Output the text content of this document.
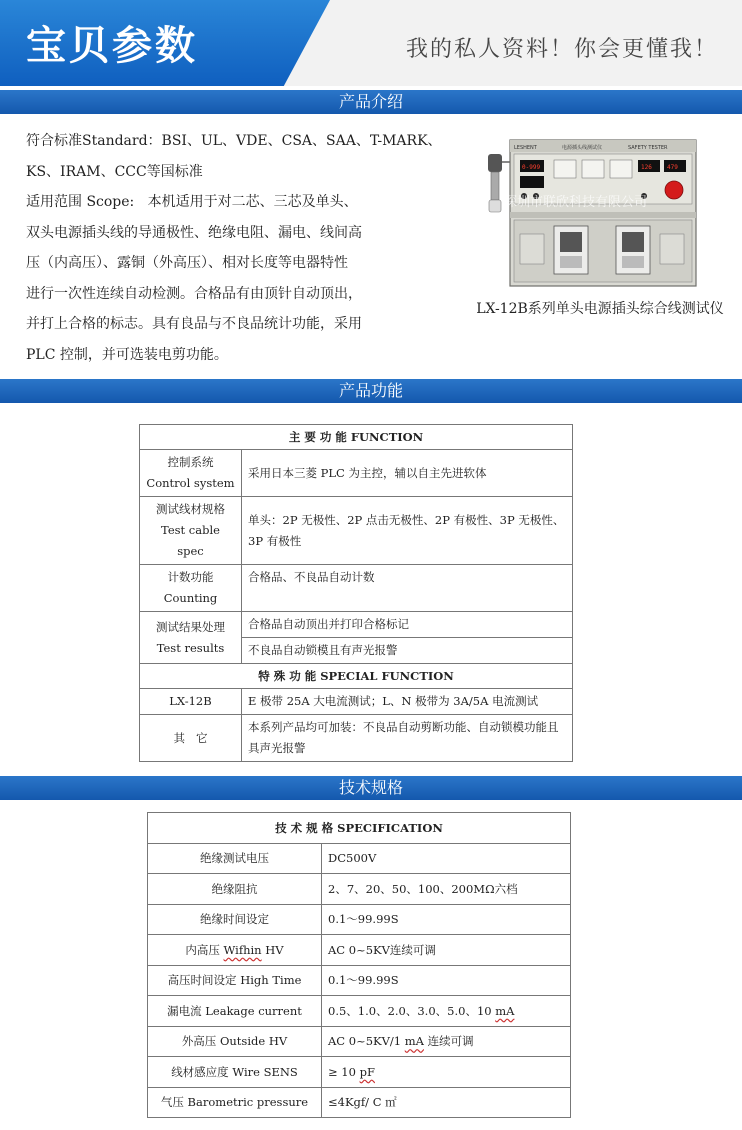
宝贝参数	我的私人资料！你会更懂我！
产品介绍
符合标准Standard：BSI、UL、VDE、CSA、SAA、T-MARK、
KS、IRAM、CCC等国标准
适用范围 Scope:   本机适用于对二芯、三芯及单头、
双头电源插头线的导通极性、绝缘电阻、漏电、线间高
压（内高压）、露铜（外高压）、相对长度等电器特性
进行一次性连续自动检测。合格品有由顶针自动顶出，
并打上合格的标志。具有良品与不良品统计功能，采用
PLC 控制，并可选装电剪功能。
LESHENT	电源插头线测试仪	SAFETY TESTER
0-999	126	479
深圳市联欣科技有限公司
LX-12B系列单头电源插头综合线测试仪
产品功能
主 要 功 能 FUNCTION	

控制系统
Control system	采用日本三菱 PLC 为主控，辅以自主先进软体

测试线材规格
Test cable spec	单头：2P 无极性、2P 点击无极性、2P 有极性、3P 无极性、3P 有极性

计数功能
Counting	合格品、不良品自动计数

测试结果处理
Test results	合格品自动顶出并打印合格标记
	不良品自动锁模且有声光报警
特 殊 功 能 SPECIAL FUNCTION	
LX-12B	E 极带 25A 大电流测试；L、N 极带为 3A/5A 电流测试
其   它	本系列产品均可加装：不良品自动剪断功能、自动锁模功能且具声光报警
技术规格
技 术 规 格 SPECIFICATION	
绝缘测试电压	DC500V
绝缘阻抗	2、7、20、50、100、200MΩ六档
绝缘时间设定	0.1～99.99S
内高压 Wifhin HV	AC 0~5KV连续可调
高压时间设定 High Time	0.1～99.99S
漏电流 Leakage current	0.5、1.0、2.0、3.0、5.0、10 mA
外高压 Outside HV	AC 0~5KV/1 mA 连续可调
线材感应度 Wire SENS	≥ 10 pF
气压 Barometric pressure	≤4Kgf/ C ㎡
